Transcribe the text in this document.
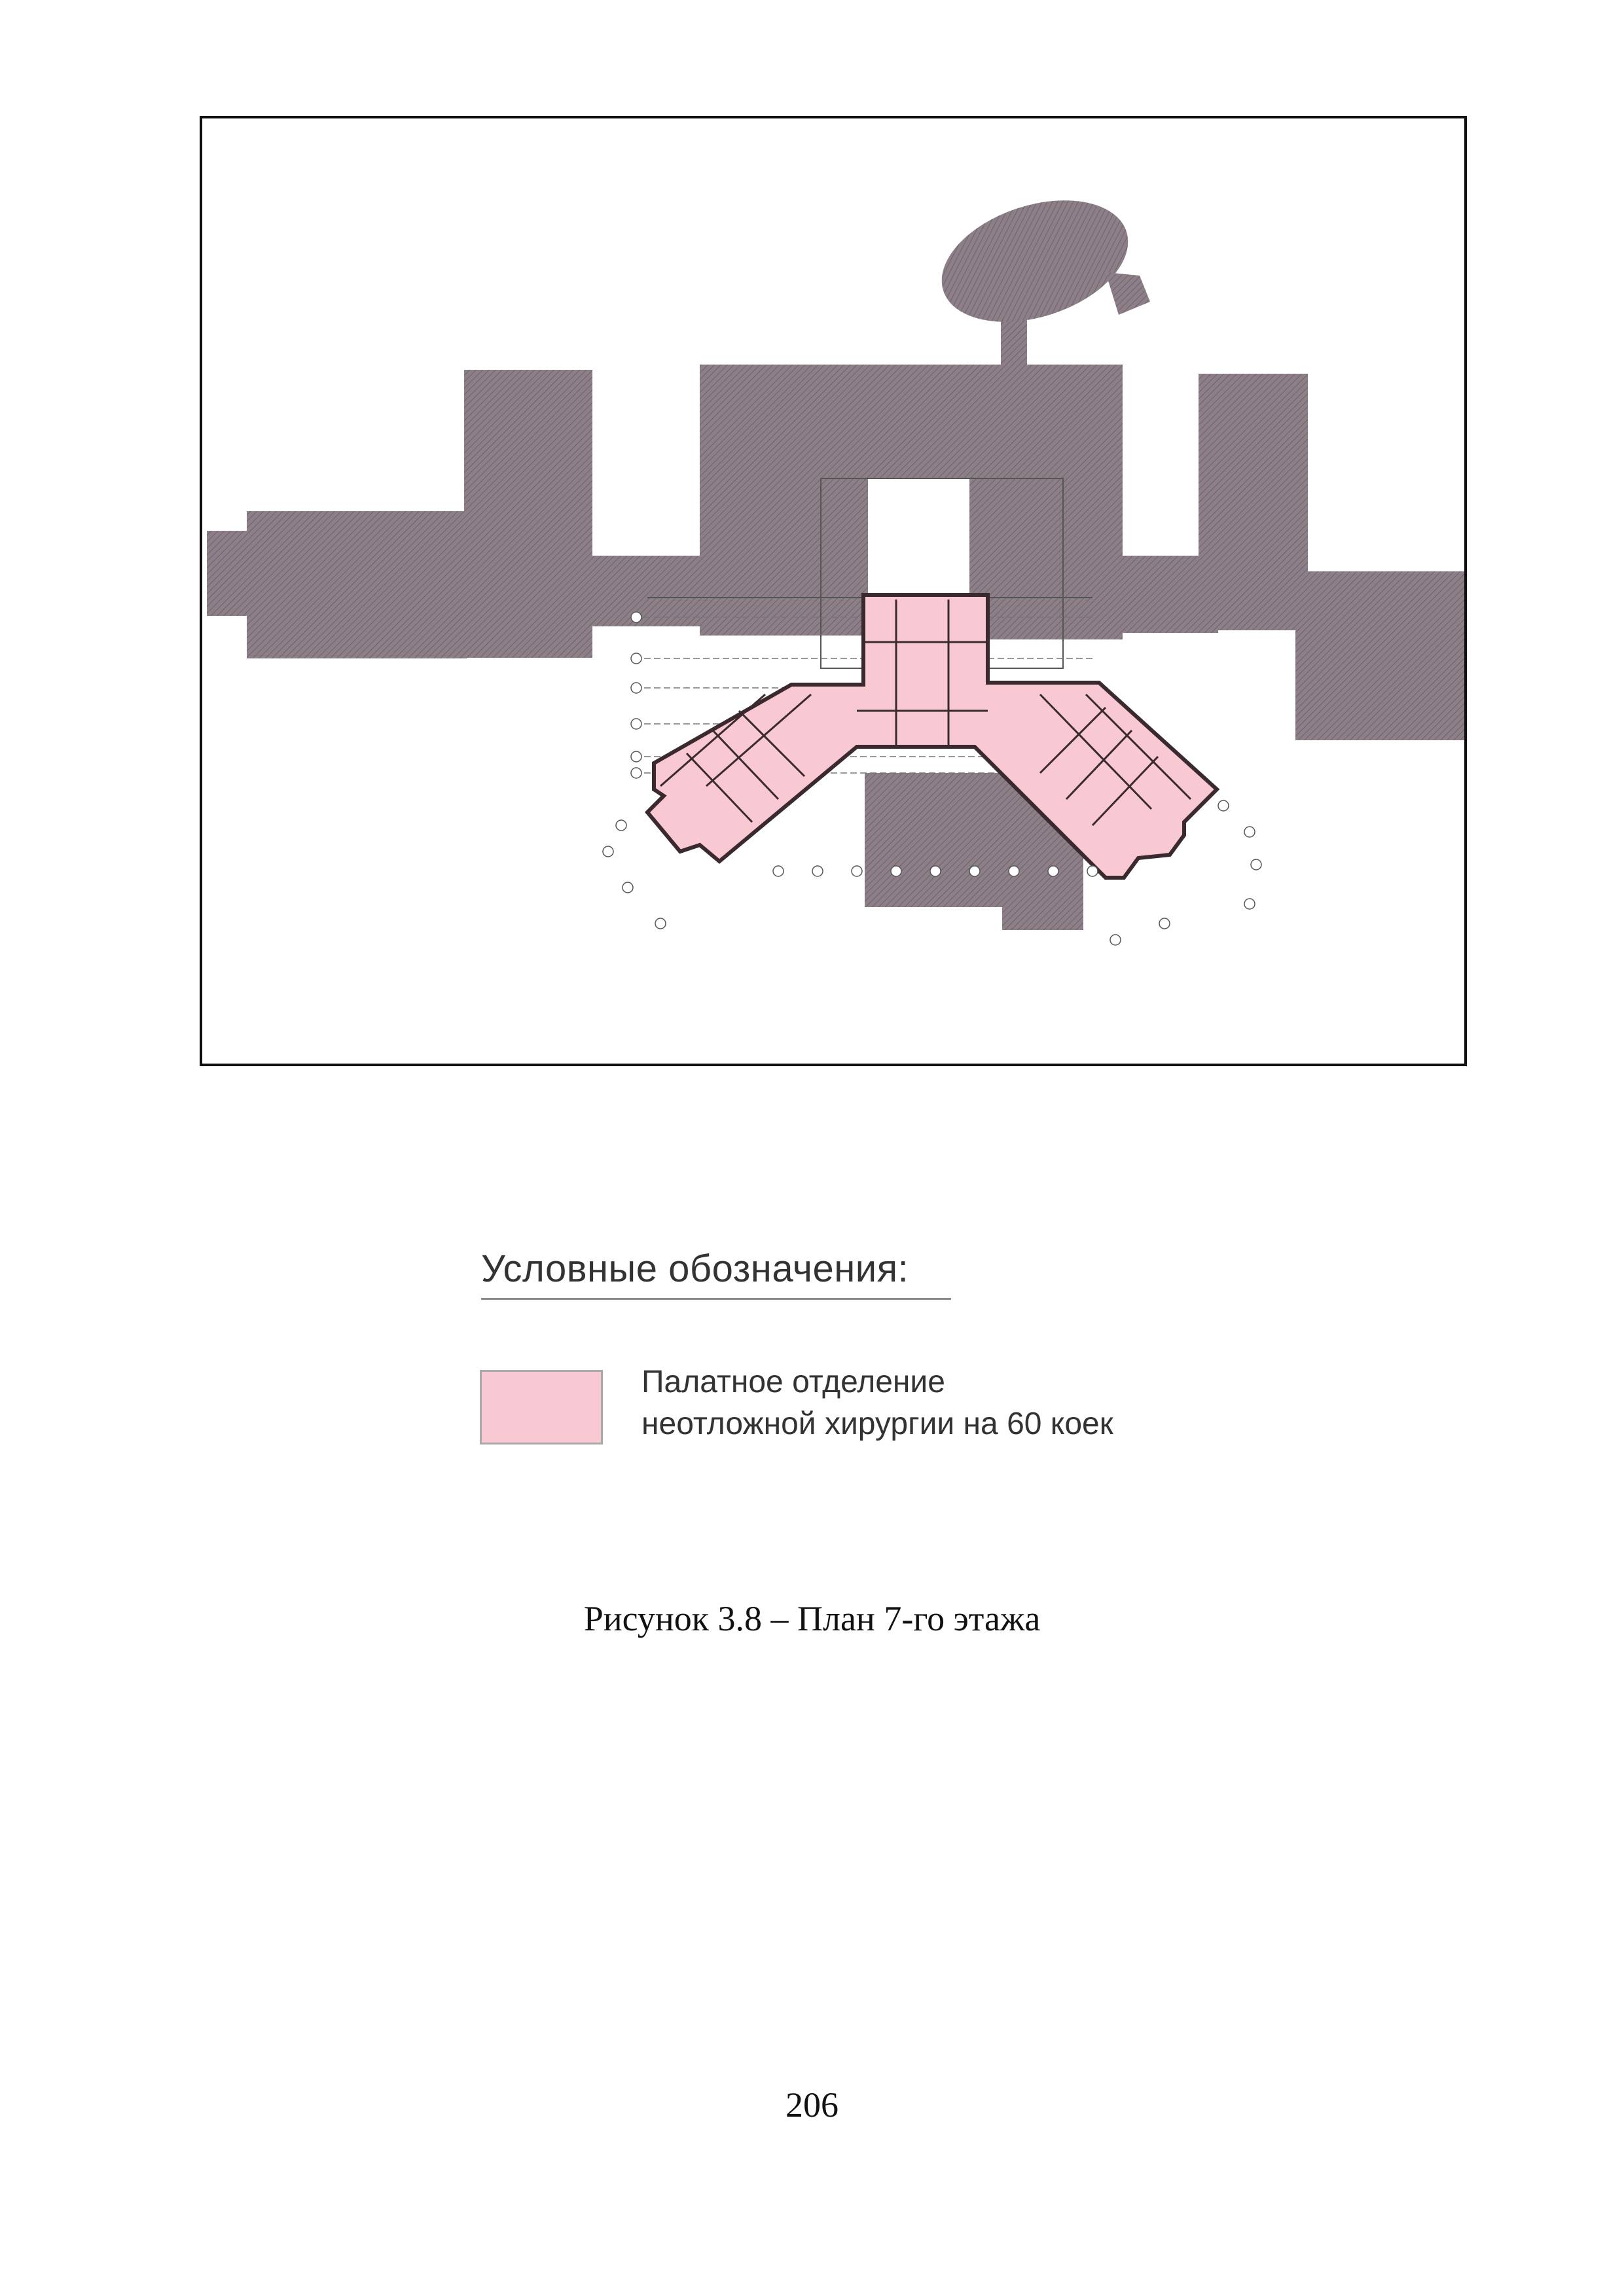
Условные обозначения:
Палатное отделение
неотложной хирургии на 60 коек
Рисунок 3.8 – План 7-го этажа
206
